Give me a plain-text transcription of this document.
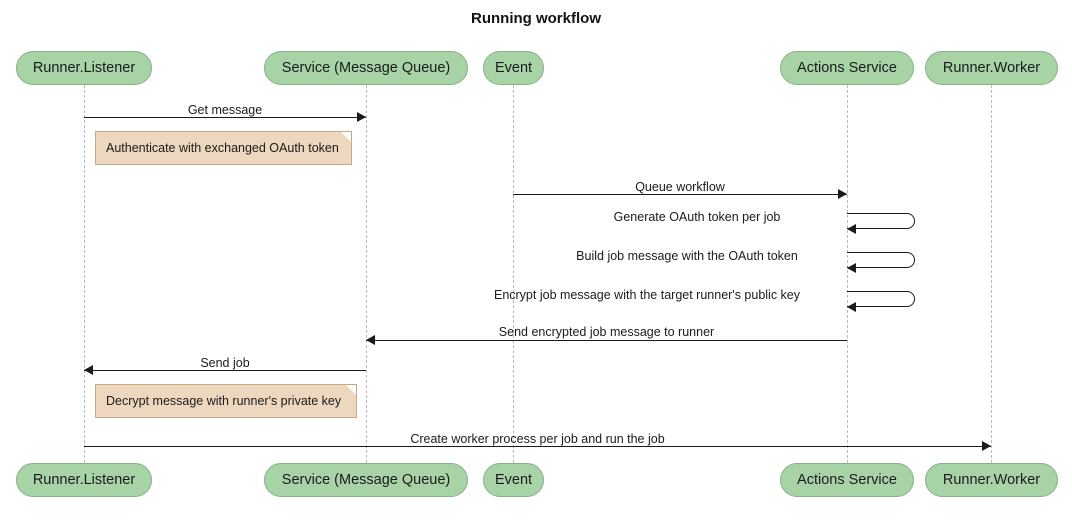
Running workflow
Runner.Listener	Service (Message Queue)	Event	Actions Service	Runner.Worker
Runner.Listener	Service (Message Queue)	Event	Actions Service	Runner.Worker
Get message
Authenticate with exchanged OAuth token
Queue workflow
Generate OAuth token per job
Build job message with the OAuth token
Encrypt job message with the target runner's public key
Send encrypted job message to runner
Send job
Decrypt message with runner's private key
Create worker process per job and run the job
